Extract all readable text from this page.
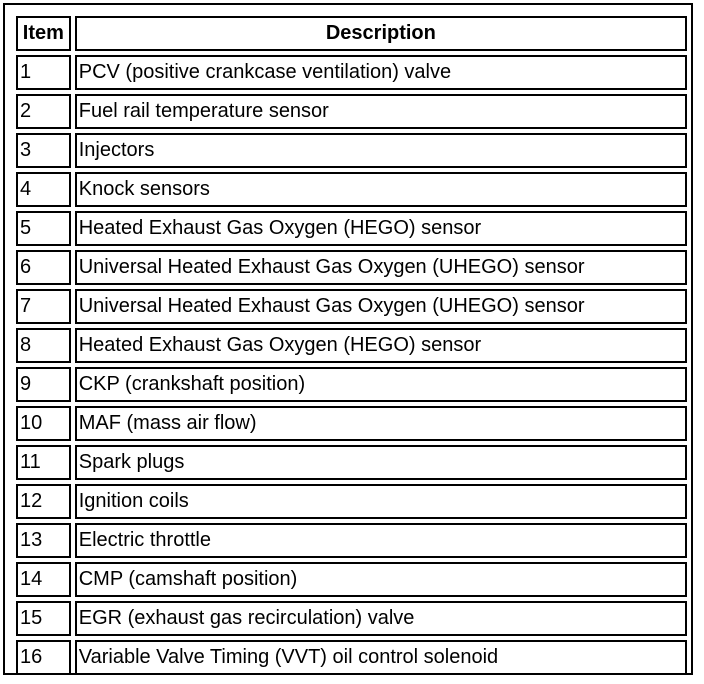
Item	Description
1	PCV (positive crankcase ventilation) valve
2	Fuel rail temperature sensor
3	Injectors
4	Knock sensors
5	Heated Exhaust Gas Oxygen (HEGO) sensor
6	Universal Heated Exhaust Gas Oxygen (UHEGO) sensor
7	Universal Heated Exhaust Gas Oxygen (UHEGO) sensor
8	Heated Exhaust Gas Oxygen (HEGO) sensor
9	CKP (crankshaft position)
10	MAF (mass air flow)
11	Spark plugs
12	Ignition coils
13	Electric throttle
14	CMP (camshaft position)
15	EGR (exhaust gas recirculation) valve
16	Variable Valve Timing (VVT) oil control solenoid
